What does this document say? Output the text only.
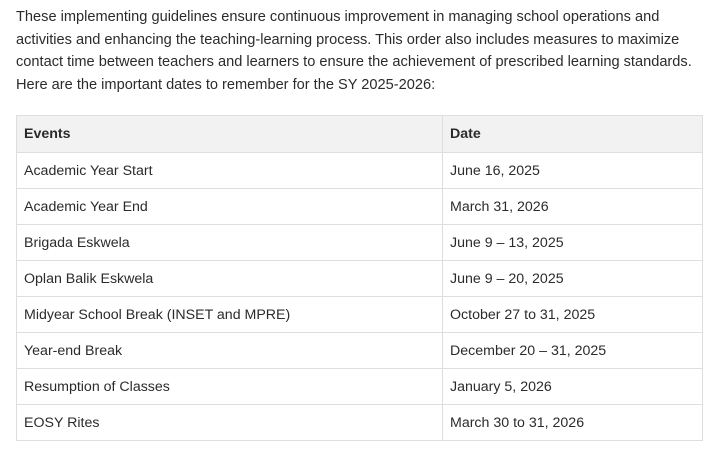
These implementing guidelines ensure continuous improvement in managing school operations and activities and enhancing the teaching-learning process. This order also includes measures to maximize contact time between teachers and learners to ensure the achievement of prescribed learning standards. Here are the important dates to remember for the SY 2025-2026:

Events	Date
Academic Year Start	June 16, 2025
Academic Year End	March 31, 2026
Brigada Eskwela	June 9 – 13, 2025
Oplan Balik Eskwela	June 9 – 20, 2025
Midyear School Break (INSET and MPRE)	October 27 to 31, 2025
Year-end Break	December 20 – 31, 2025
Resumption of Classes	January 5, 2026
EOSY Rites	March 30 to 31, 2026
